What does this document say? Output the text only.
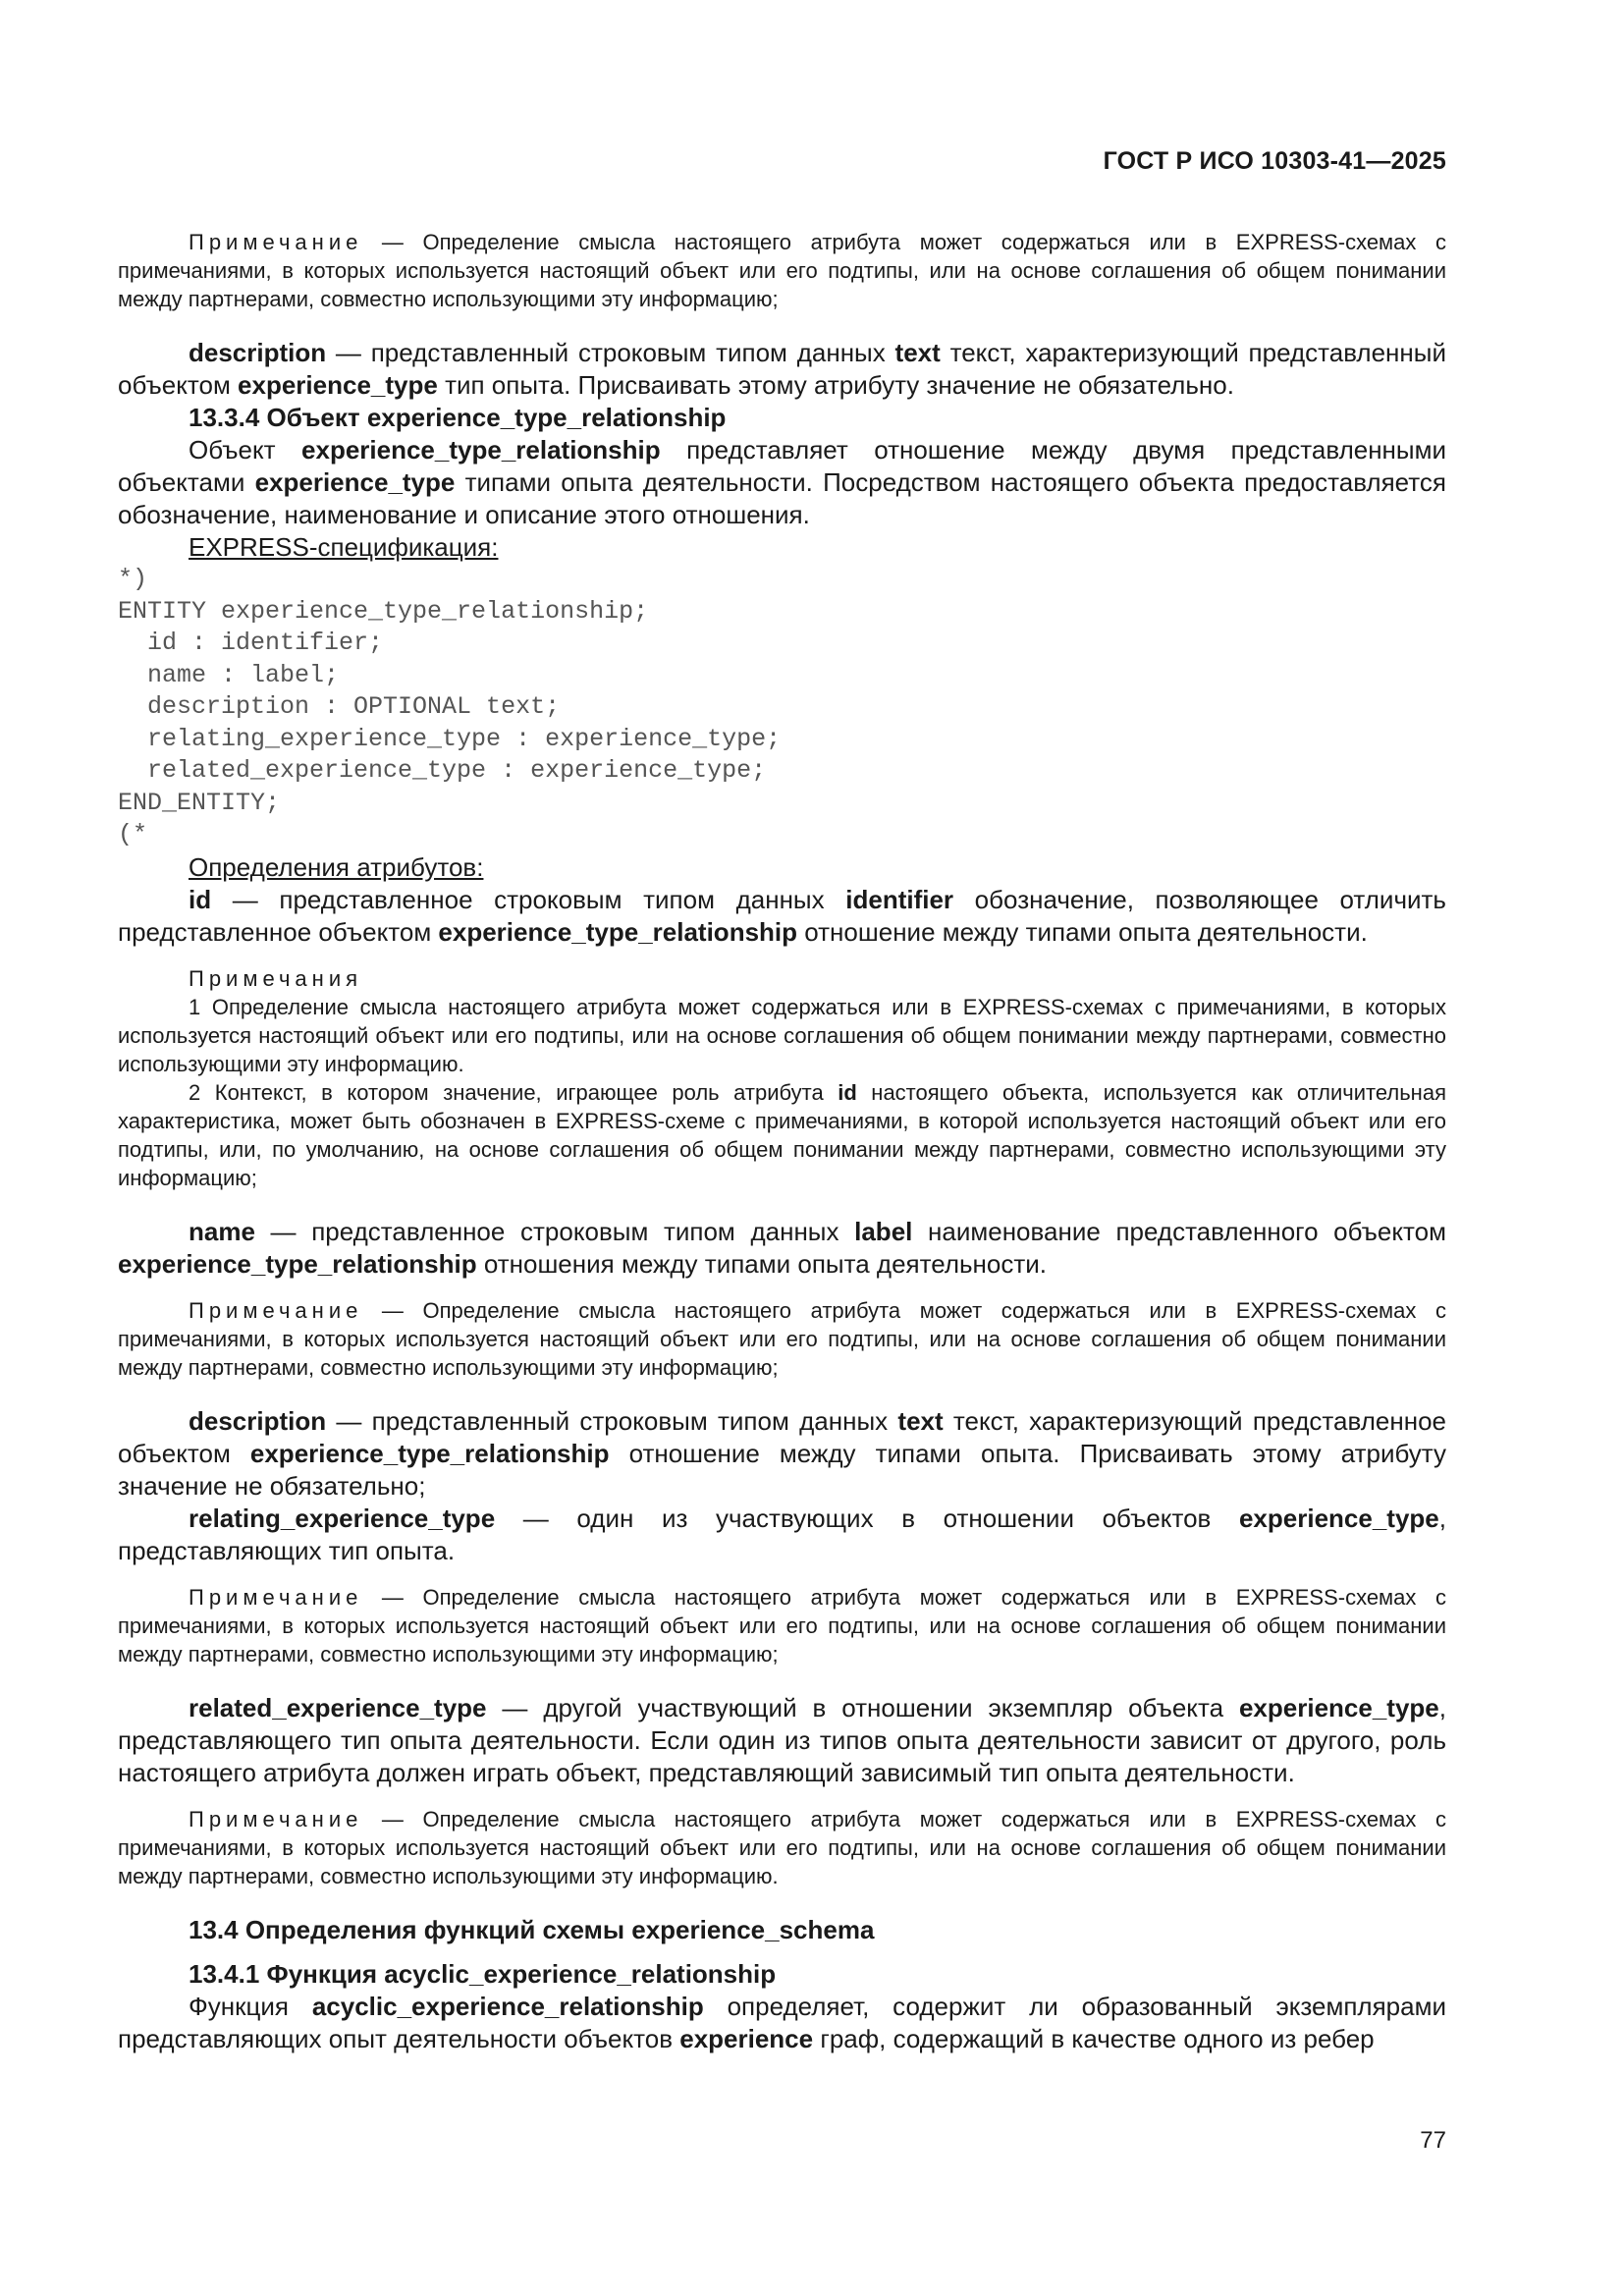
ГОСТ Р ИСО 10303-41—2025

Примечание — Определение смысла настоящего атрибута может содержаться или в EXPRESS-схемах с примечаниями, в которых используется настоящий объект или его подтипы, или на основе соглашения об общем понимании между партнерами, совместно использующими эту информацию;

description — представленный строковым типом данных text текст, характеризующий представленный объектом experience_type тип опыта. Присваивать этому атрибуту значение не обязательно.

13.3.4 Объект experience_type_relationship

Объект experience_type_relationship представляет отношение между двумя представленными объектами experience_type типами опыта деятельности. Посредством настоящего объекта предоставляется обозначение, наименование и описание этого отношения.

EXPRESS-спецификация:

*)
ENTITY experience_type_relationship;
id : identifier;
name : label;
description : OPTIONAL text;
relating_experience_type : experience_type;
related_experience_type : experience_type;
END_ENTITY;
(*

Определения атрибутов:

id — представленное строковым типом данных identifier обозначение, позволяющее отличить представленное объектом experience_type_relationship отношение между типами опыта деятельности.

Примечания

1 Определение смысла настоящего атрибута может содержаться или в EXPRESS-схемах с примечаниями, в которых используется настоящий объект или его подтипы, или на основе соглашения об общем понимании между партнерами, совместно использующими эту информацию.

2 Контекст, в котором значение, играющее роль атрибута id настоящего объекта, используется как отличительная характеристика, может быть обозначен в EXPRESS-схеме с примечаниями, в которой используется настоящий объект или его подтипы, или, по умолчанию, на основе соглашения об общем понимании между партнерами, совместно использующими эту информацию;

name — представленное строковым типом данных label наименование представленного объектом experience_type_relationship отношения между типами опыта деятельности.

Примечание — Определение смысла настоящего атрибута может содержаться или в EXPRESS-схемах с примечаниями, в которых используется настоящий объект или его подтипы, или на основе соглашения об общем понимании между партнерами, совместно использующими эту информацию;

description — представленный строковым типом данных text текст, характеризующий представленное объектом experience_type_relationship отношение между типами опыта. Присваивать этому атрибуту значение не обязательно;

relating_experience_type — один из участвующих в отношении объектов experience_type, представляющих тип опыта.

Примечание — Определение смысла настоящего атрибута может содержаться или в EXPRESS-схемах с примечаниями, в которых используется настоящий объект или его подтипы, или на основе соглашения об общем понимании между партнерами, совместно использующими эту информацию;

related_experience_type — другой участвующий в отношении экземпляр объекта experience_type, представляющего тип опыта деятельности. Если один из типов опыта деятельности зависит от другого, роль настоящего атрибута должен играть объект, представляющий зависимый тип опыта деятельности.

Примечание — Определение смысла настоящего атрибута может содержаться или в EXPRESS-схемах с примечаниями, в которых используется настоящий объект или его подтипы, или на основе соглашения об общем понимании между партнерами, совместно использующими эту информацию.

13.4 Определения функций схемы experience_schema

13.4.1 Функция acyclic_experience_relationship

Функция acyclic_experience_relationship определяет, содержит ли образованный экземплярами представляющих опыт деятельности объектов experience граф, содержащий в качестве одного из ребер

77
